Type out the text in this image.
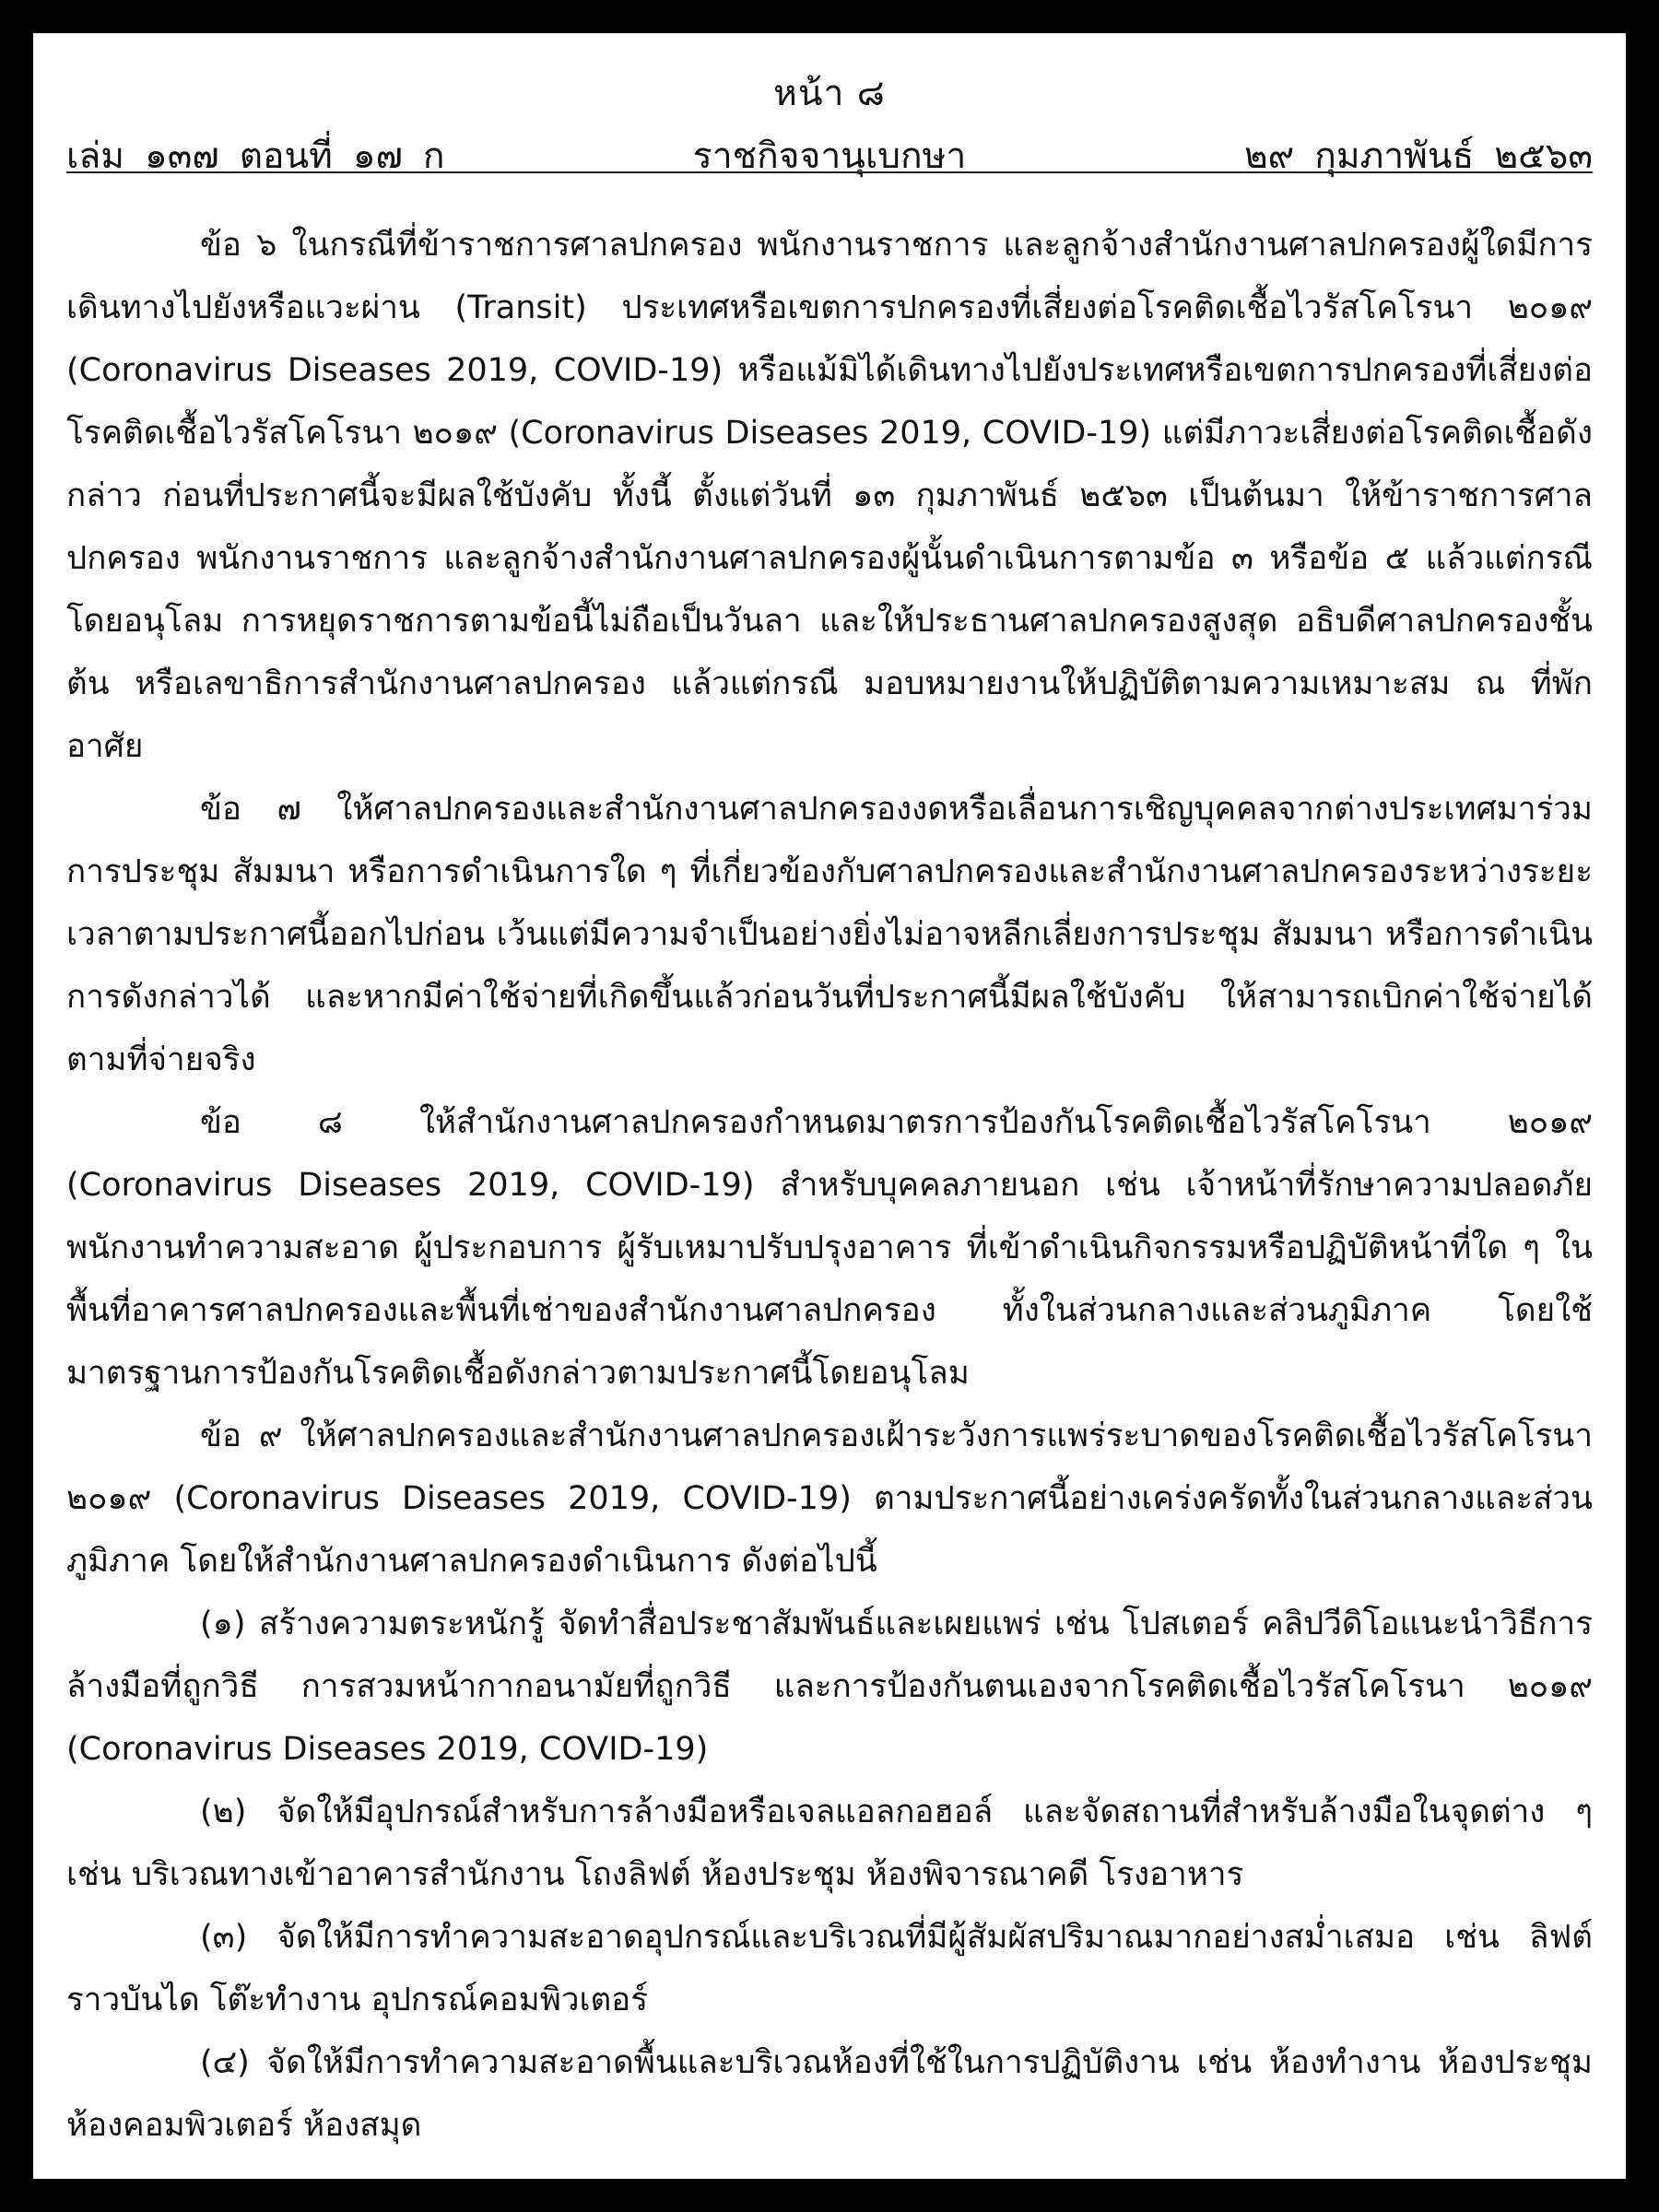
หน้า ๘
เล่ม ๑๓๗ ตอนที่ ๑๗ ก	ราชกิจจานุเบกษา	๒๙ กุมภาพันธ์ ๒๕๖๓

ข้อ ๖ ในกรณีที่ข้าราชการศาลปกครอง พนักงานราชการ และลูกจ้างสำนักงานศาลปกครองผู้ใดมีการเดินทางไปยังหรือแวะผ่าน (Transit) ประเทศหรือเขตการปกครองที่เสี่ยงต่อโรคติดเชื้อไวรัสโคโรนา ๒๐๑๙ (Coronavirus Diseases 2019, COVID-19) หรือแม้มิได้เดินทางไปยังประเทศหรือเขตการปกครองที่เสี่ยงต่อโรคติดเชื้อไวรัสโคโรนา ๒๐๑๙ (Coronavirus Diseases 2019, COVID-19) แต่มีภาวะเสี่ยงต่อโรคติดเชื้อดังกล่าว ก่อนที่ประกาศนี้จะมีผลใช้บังคับ ทั้งนี้ ตั้งแต่วันที่ ๑๓ กุมภาพันธ์ ๒๕๖๓ เป็นต้นมา ให้ข้าราชการศาลปกครอง พนักงานราชการ และลูกจ้างสำนักงานศาลปกครองผู้นั้นดำเนินการตามข้อ ๓ หรือข้อ ๕ แล้วแต่กรณี โดยอนุโลม การหยุดราชการตามข้อนี้ไม่ถือเป็นวันลา และให้ประธานศาลปกครองสูงสุด อธิบดีศาลปกครองชั้นต้น หรือเลขาธิการสำนักงานศาลปกครอง แล้วแต่กรณี มอบหมายงานให้ปฏิบัติตามความเหมาะสม ณ ที่พักอาศัย

ข้อ ๗ ให้ศาลปกครองและสำนักงานศาลปกครองงดหรือเลื่อนการเชิญบุคคลจากต่างประเทศมาร่วมการประชุม สัมมนา หรือการดำเนินการใด ๆ ที่เกี่ยวข้องกับศาลปกครองและสำนักงานศาลปกครองระหว่างระยะเวลาตามประกาศนี้ออกไปก่อน เว้นแต่มีความจำเป็นอย่างยิ่งไม่อาจหลีกเลี่ยงการประชุม สัมมนา หรือการดำเนินการดังกล่าวได้ และหากมีค่าใช้จ่ายที่เกิดขึ้นแล้วก่อนวันที่ประกาศนี้มีผลใช้บังคับ ให้สามารถเบิกค่าใช้จ่ายได้ตามที่จ่ายจริง

ข้อ ๘ ให้สำนักงานศาลปกครองกำหนดมาตรการป้องกันโรคติดเชื้อไวรัสโคโรนา ๒๐๑๙ (Coronavirus Diseases 2019, COVID-19) สำหรับบุคคลภายนอก เช่น เจ้าหน้าที่รักษาความปลอดภัย พนักงานทำความสะอาด ผู้ประกอบการ ผู้รับเหมาปรับปรุงอาคาร ที่เข้าดำเนินกิจกรรมหรือปฏิบัติหน้าที่ใด ๆ ในพื้นที่อาคารศาลปกครองและพื้นที่เช่าของสำนักงานศาลปกครอง ทั้งในส่วนกลางและส่วนภูมิภาค โดยใช้มาตรฐานการป้องกันโรคติดเชื้อดังกล่าวตามประกาศนี้โดยอนุโลม

ข้อ ๙ ให้ศาลปกครองและสำนักงานศาลปกครองเฝ้าระวังการแพร่ระบาดของโรคติดเชื้อไวรัสโคโรนา ๒๐๑๙ (Coronavirus Diseases 2019, COVID-19) ตามประกาศนี้อย่างเคร่งครัดทั้งในส่วนกลางและส่วนภูมิภาค โดยให้สำนักงานศาลปกครองดำเนินการ ดังต่อไปนี้

(๑) สร้างความตระหนักรู้ จัดทำสื่อประชาสัมพันธ์และเผยแพร่ เช่น โปสเตอร์ คลิปวีดิโอแนะนำวิธีการล้างมือที่ถูกวิธี การสวมหน้ากากอนามัยที่ถูกวิธี และการป้องกันตนเองจากโรคติดเชื้อไวรัสโคโรนา ๒๐๑๙ (Coronavirus Diseases 2019, COVID-19)

(๒) จัดให้มีอุปกรณ์สำหรับการล้างมือหรือเจลแอลกอฮอล์ และจัดสถานที่สำหรับล้างมือในจุดต่าง ๆ เช่น บริเวณทางเข้าอาคารสำนักงาน โถงลิฟต์ ห้องประชุม ห้องพิจารณาคดี โรงอาหาร

(๓) จัดให้มีการทำความสะอาดอุปกรณ์และบริเวณที่มีผู้สัมผัสปริมาณมากอย่างสม่ำเสมอ เช่น ลิฟต์ ราวบันได โต๊ะทำงาน อุปกรณ์คอมพิวเตอร์

(๔) จัดให้มีการทำความสะอาดพื้นและบริเวณห้องที่ใช้ในการปฏิบัติงาน เช่น ห้องทำงาน ห้องประชุม ห้องคอมพิวเตอร์ ห้องสมุด
